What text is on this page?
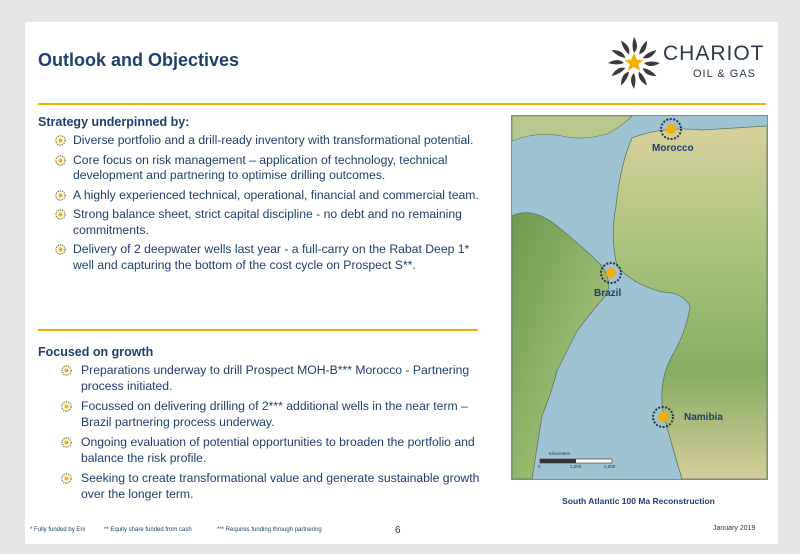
Outlook and Objectives	CHARIOT
OIL & GAS
Strategy underpinned by:
Diverse portfolio and a drill-ready inventory with transformational potential.
Core focus on risk management – application of technology, technical development and partnering to optimise drilling outcomes.
A highly experienced technical, operational, financial and commercial team.
Strong balance sheet, strict capital discipline - no debt and no remaining commitments.
Delivery of 2 deepwater wells last year - a full-carry on the Rabat Deep 1* well and capturing the bottom of the cost cycle on Prospect S**.
Focused on growth
Preparations underway to drill Prospect MOH-B*** Morocco - Partnering process initiated.
Focussed on delivering drilling of 2*** additional wells in the near term – Brazil partnering process underway.
Ongoing evaluation of potential opportunities to broaden the portfolio and balance the risk profile.
Seeking to create transformational value and generate sustainable growth over the longer term.
Morocco
Brazil
Namibia
Kilometers
0	1,000	2,000
South Atlantic 100 Ma Reconstruction
* Fully funded by Eni	** Equity share funded from cash	*** Requires funding through partnering	6	January 2019
